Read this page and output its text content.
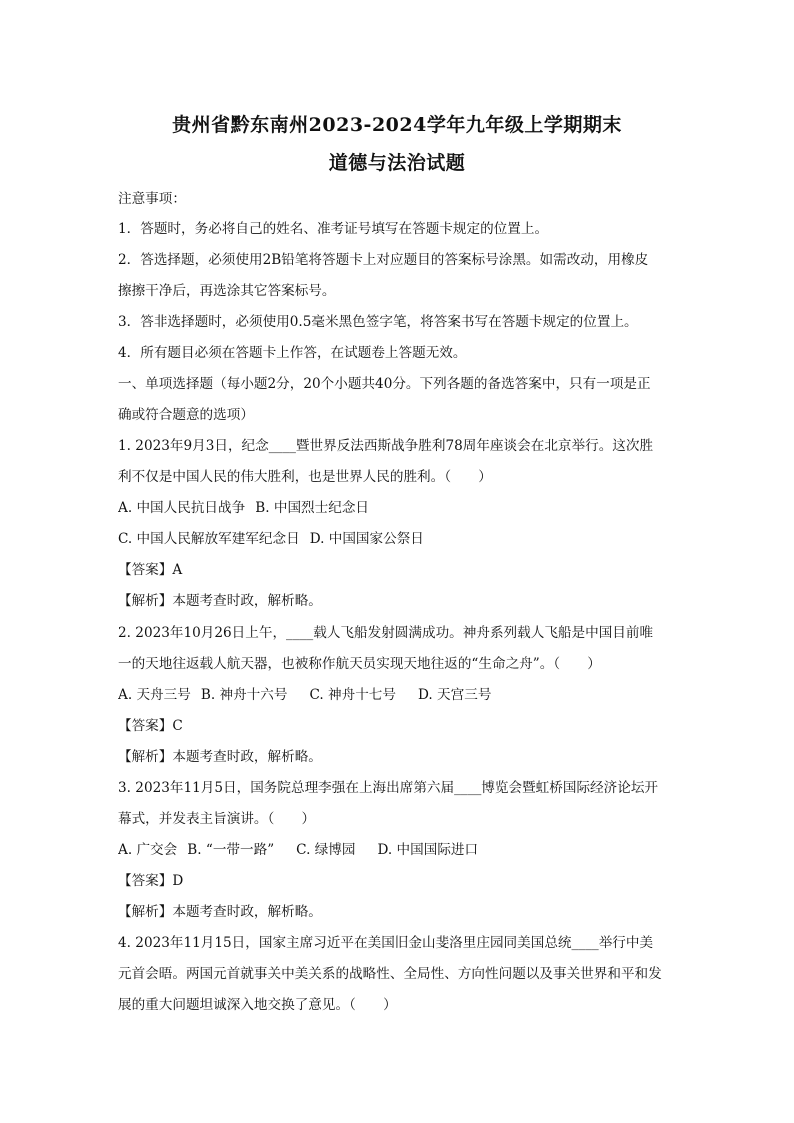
贵州省黔东南州2023-2024学年九年级上学期期末
道德与法治试题
注意事项：
1．答题时，务必将自己的姓名、准考证号填写在答题卡规定的位置上。
2．答选择题，必须使用2B铅笔将答题卡上对应题目的答案标号涂黑。如需改动，用橡皮
擦擦干净后，再选涂其它答案标号。
3．答非选择题时，必须使用0.5毫米黑色签字笔，将答案书写在答题卡规定的位置上。
4．所有题目必须在答题卡上作答，在试题卷上答题无效。
一、单项选择题（每小题2分，20个小题共40分。下列各题的备选答案中，只有一项是正
确或符合题意的选项）
1. 2023年9月3日，纪念____暨世界反法西斯战争胜利78周年座谈会在北京举行。这次胜
利不仅是中国人民的伟大胜利，也是世界人民的胜利。（　　）
A. 中国人民抗日战争 B. 中国烈士纪念日
C. 中国人民解放军建军纪念日 D. 中国国家公祭日
【答案】A
【解析】本题考查时政，解析略。
2. 2023年10月26日上午，____载人飞船发射圆满成功。神舟系列载人飞船是中国目前唯
一的天地往返载人航天器，也被称作航天员实现天地往返的“生命之舟”。（　　）
A. 天舟三号 B. 神舟十六号 C. 神舟十七号 D. 天宫三号
【答案】C
【解析】本题考查时政，解析略。
3. 2023年11月5日，国务院总理李强在上海出席第六届____博览会暨虹桥国际经济论坛开
幕式，并发表主旨演讲。（　　）
A. 广交会 B. “一带一路” C. 绿博园 D. 中国国际进口
【答案】D
【解析】本题考查时政，解析略。
4. 2023年11月15日，国家主席习近平在美国旧金山斐洛里庄园同美国总统____举行中美
元首会晤。两国元首就事关中美关系的战略性、全局性、方向性问题以及事关世界和平和发
展的重大问题坦诚深入地交换了意见。（　　）
